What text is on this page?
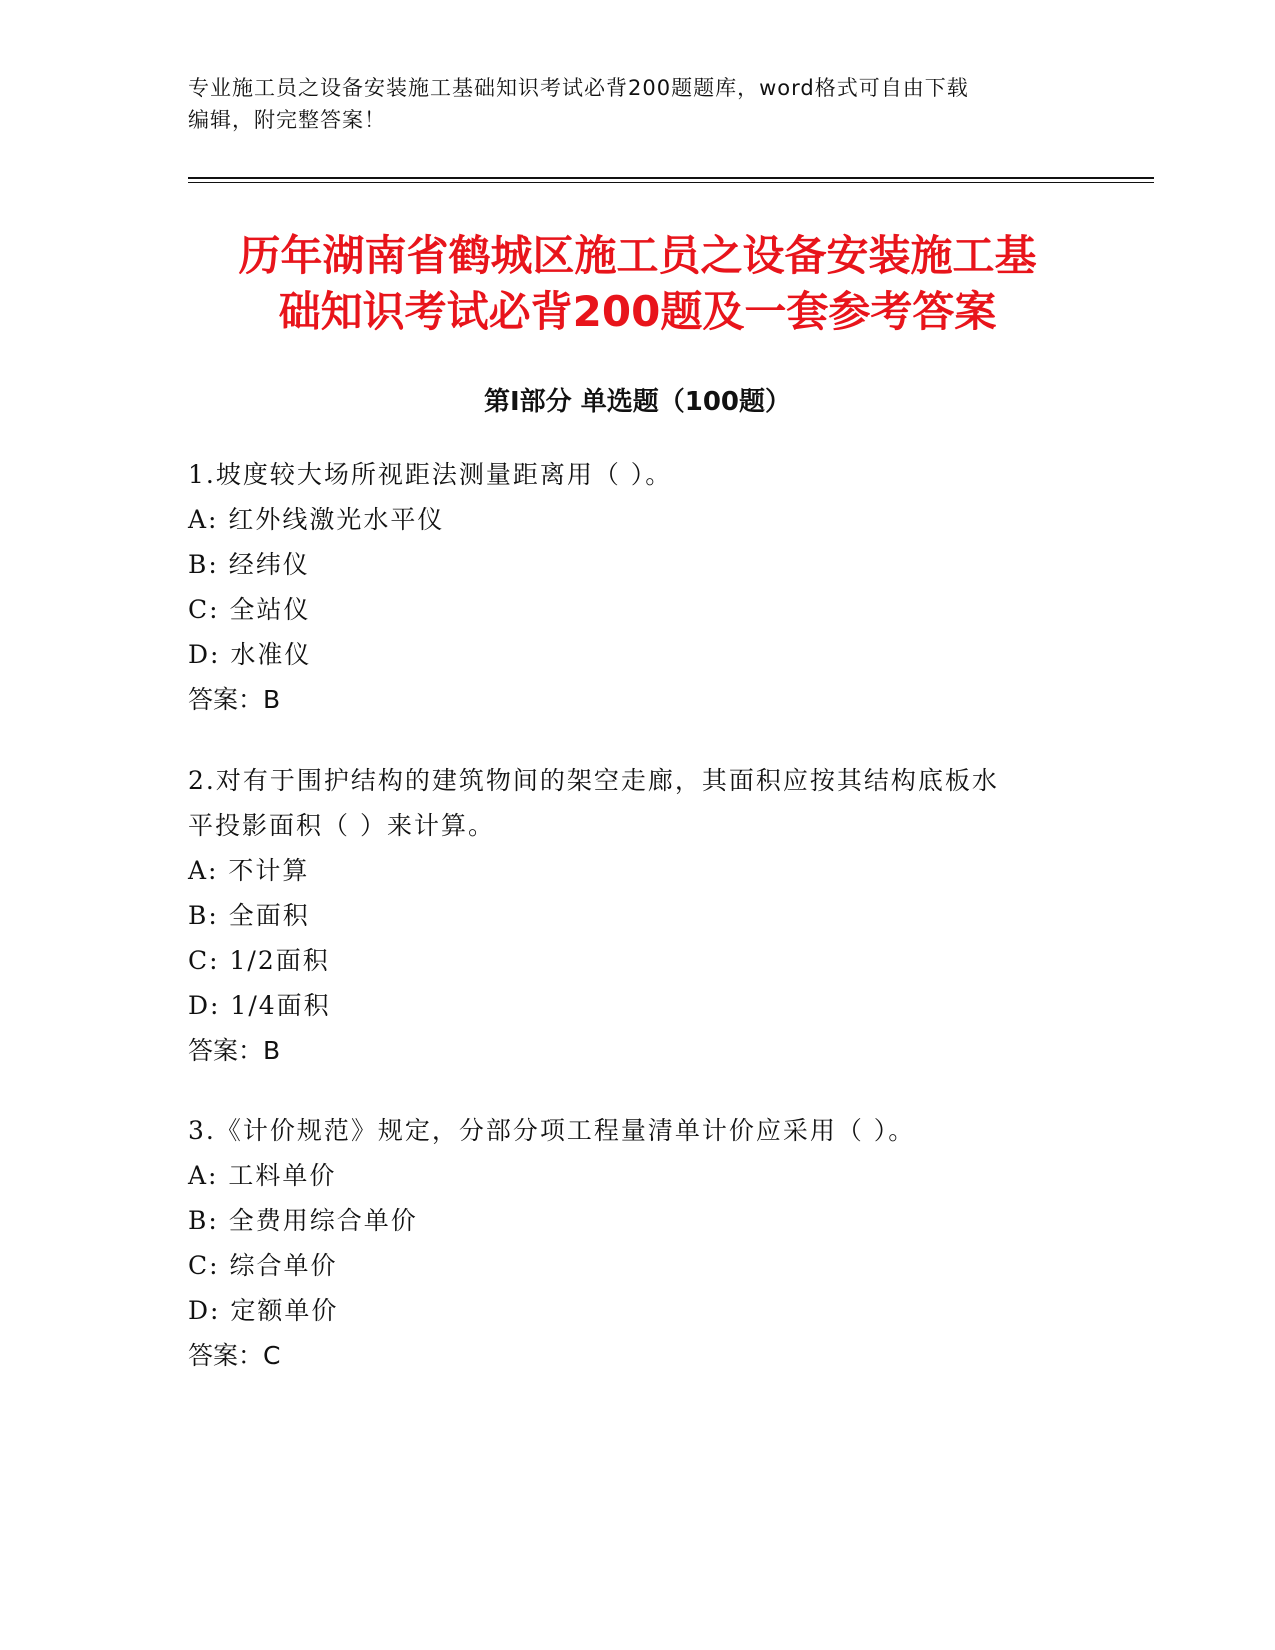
专业施工员之设备安装施工基础知识考试必背200题题库，word格式可自由下载
编辑，附完整答案！
历年湖南省鹤城区施工员之设备安装施工基
础知识考试必背200题及一套参考答案
第Ⅰ部分 单选题（100题）
1.坡度较大场所视距法测量距离用（ ）。
A: 红外线激光水平仪
B: 经纬仪
C: 全站仪
D: 水准仪
答案：B
2.对有于围护结构的建筑物间的架空走廊，其面积应按其结构底板水
平投影面积（ ）来计算。
A: 不计算
B: 全面积
C: 1/2面积
D: 1/4面积
答案：B
3.《计价规范》规定，分部分项工程量清单计价应采用（ ）。
A: 工料单价
B: 全费用综合单价
C: 综合单价
D: 定额单价
答案：C
